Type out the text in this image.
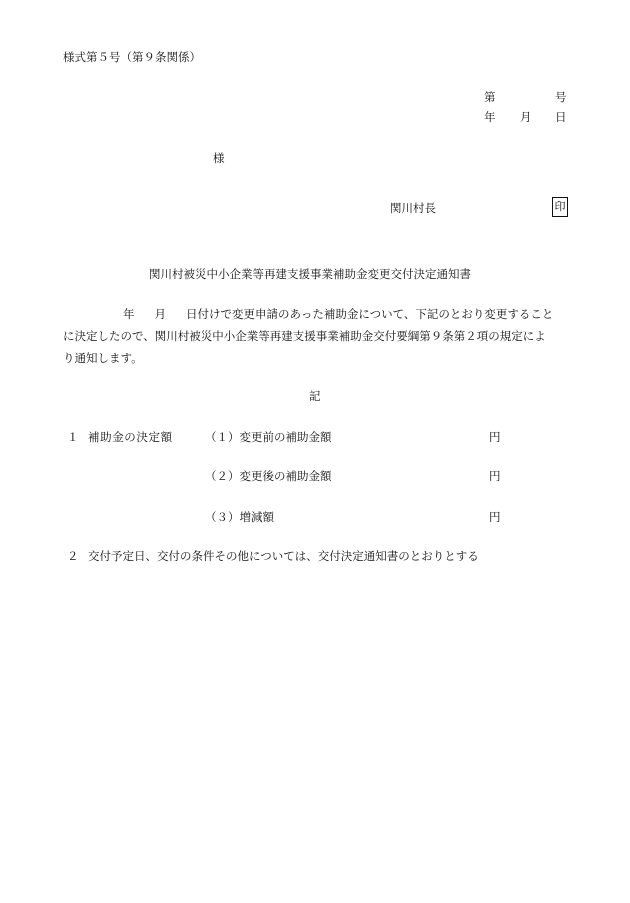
様式第５号（第９条関係）
第	号
年 月 日
様
関川村長	印
関川村被災中小企業等再建支援事業補助金変更交付決定通知書
年 月 日付けで変更申請のあった補助金について、下記のとおり変更すること
に決定したので、関川村被災中小企業等再建支援事業補助金交付要綱第９条第２項の規定によ
り通知します。
記
１ 補助金の決定額	（１）変更前の補助金額	円
（２）変更後の補助金額	円
（３）増減額	円
２ 交付予定日、交付の条件その他については、交付決定通知書のとおりとする
